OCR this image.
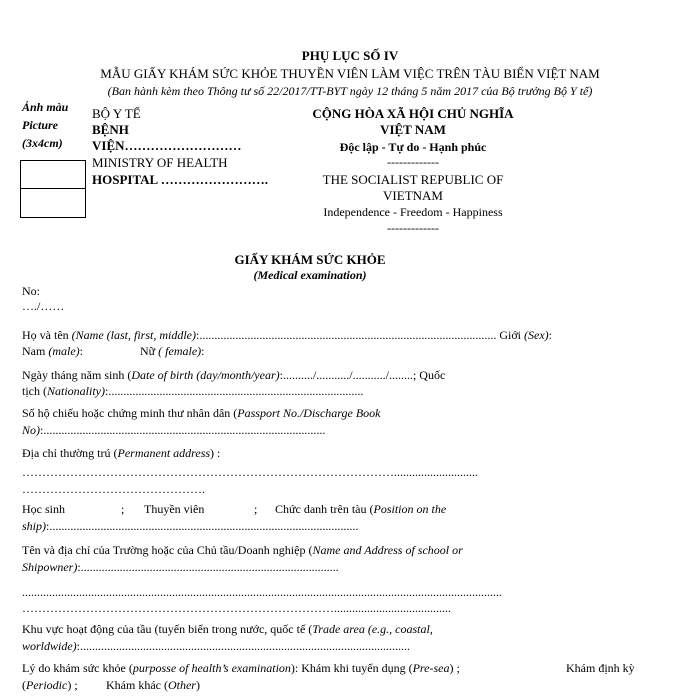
PHỤ LỤC SỐ IV
MẪU GIẤY KHÁM SỨC KHỎE THUYỀN VIÊN LÀM VIỆC TRÊN TÀU BIỂN VIỆT NAM
(Ban hành kèm theo Thông tư số 22/2017/TT-BYT ngày 12 tháng 5 năm 2017 của Bộ trưởng Bộ Y tế)
Ảnh màu
Picture
(3x4cm)
BỘ Y TẾ
BỆNH
VIỆN………………………
MINISTRY OF HEALTH
HOSPITAL …………………….
CỘNG HÒA XÃ HỘI CHỦ NGHĨA
VIỆT NAM
Độc lập - Tự do - Hạnh phúc
-------------
THE SOCIALIST REPUBLIC OF
VIETNAM
Independence - Freedom - Happiness
-------------
GIẤY KHÁM SỨC KHỎE
(Medical examination)
No:
…./……
Họ và tên (Name (last, first, middle):................................................................................................... Giới (Sex):
Nam (male):	Nữ ( female):
Ngày tháng năm sinh (Date of birth (day/month/year):........../.........../.........../........; Quốc
tịch (Nationality):.....................................................................................
Số hộ chiếu hoặc chứng minh thư nhân dân (Passport No./Discharge Book
No):..............................................................................................
Địa chỉ thường trú (Permanent address) :
…………………………………………………………………………………............................
……………………………………….
Học sinh	; Thuyền viên	; Chức danh trên tàu (Position on the
ship):.......................................................................................................
Tên và địa chỉ của Trường hoặc của Chủ tầu/Doanh nghiệp (Name and Address of school or
Shipowner):......................................................................................
................................................................................................................................................................
…………………………………………………………………….......................................
Khu vực hoạt động của tầu (tuyến biển trong nước, quốc tế (Trade area (e.g., coastal,
worldwide):..............................................................................................................
Lý do khám sức khỏe (purposse of health’s examination): Khám khi tuyển dụng (Pre-sea) ;	Khám định kỳ
(Periodic) ; Khám khác (Other)
